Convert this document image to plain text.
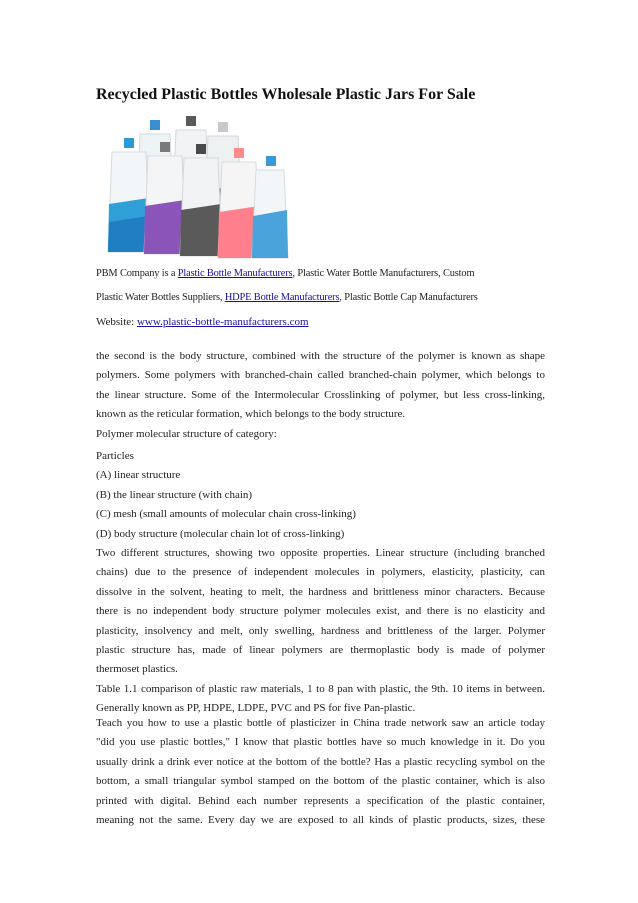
Recycled Plastic Bottles Wholesale Plastic Jars For Sale
PBM Company is a Plastic Bottle Manufacturers, Plastic Water Bottle Manufacturers, Custom
Plastic Water Bottles Suppliers, HDPE Bottle Manufacturers, Plastic Bottle Cap Manufacturers
Website: www.plastic-bottle-manufacturers.com
the second is the body structure, combined with the structure of the polymer is known as shape
polymers. Some polymers with branched-chain called branched-chain polymer, which belongs to
the linear structure. Some of the Intermolecular Crosslinking of polymer, but less cross-linking,
known as the reticular formation, which belongs to the body structure.
Polymer molecular structure of category:
Particles
(A) linear structure
(B) the linear structure (with chain)
(C) mesh (small amounts of molecular chain cross-linking)
(D) body structure (molecular chain lot of cross-linking)
Two different structures, showing two opposite properties. Linear structure (including branched
chains) due to the presence of independent molecules in polymers, elasticity, plasticity, can
dissolve in the solvent, heating to melt, the hardness and brittleness minor characters. Because
there is no independent body structure polymer molecules exist, and there is no elasticity and
plasticity, insolvency and melt, only swelling, hardness and brittleness of the larger. Polymer
plastic structure has, made of linear polymers are thermoplastic body is made of polymer
thermoset plastics.
Table 1.1 comparison of plastic raw materials, 1 to 8 pan with plastic, the 9th. 10 items in between.
Generally known as PP, HDPE, LDPE, PVC and PS for five Pan-plastic.
Teach you how to use a plastic bottle of plasticizer in China trade network saw an article today
"did you use plastic bottles," I know that plastic bottles have so much knowledge in it. Do you
usually drink a drink ever notice at the bottom of the bottle? Has a plastic recycling symbol on the
bottom, a small triangular symbol stamped on the bottom of the plastic container, which is also
printed with digital. Behind each number represents a specification of the plastic container,
meaning not the same. Every day we are exposed to all kinds of plastic products, sizes, these
